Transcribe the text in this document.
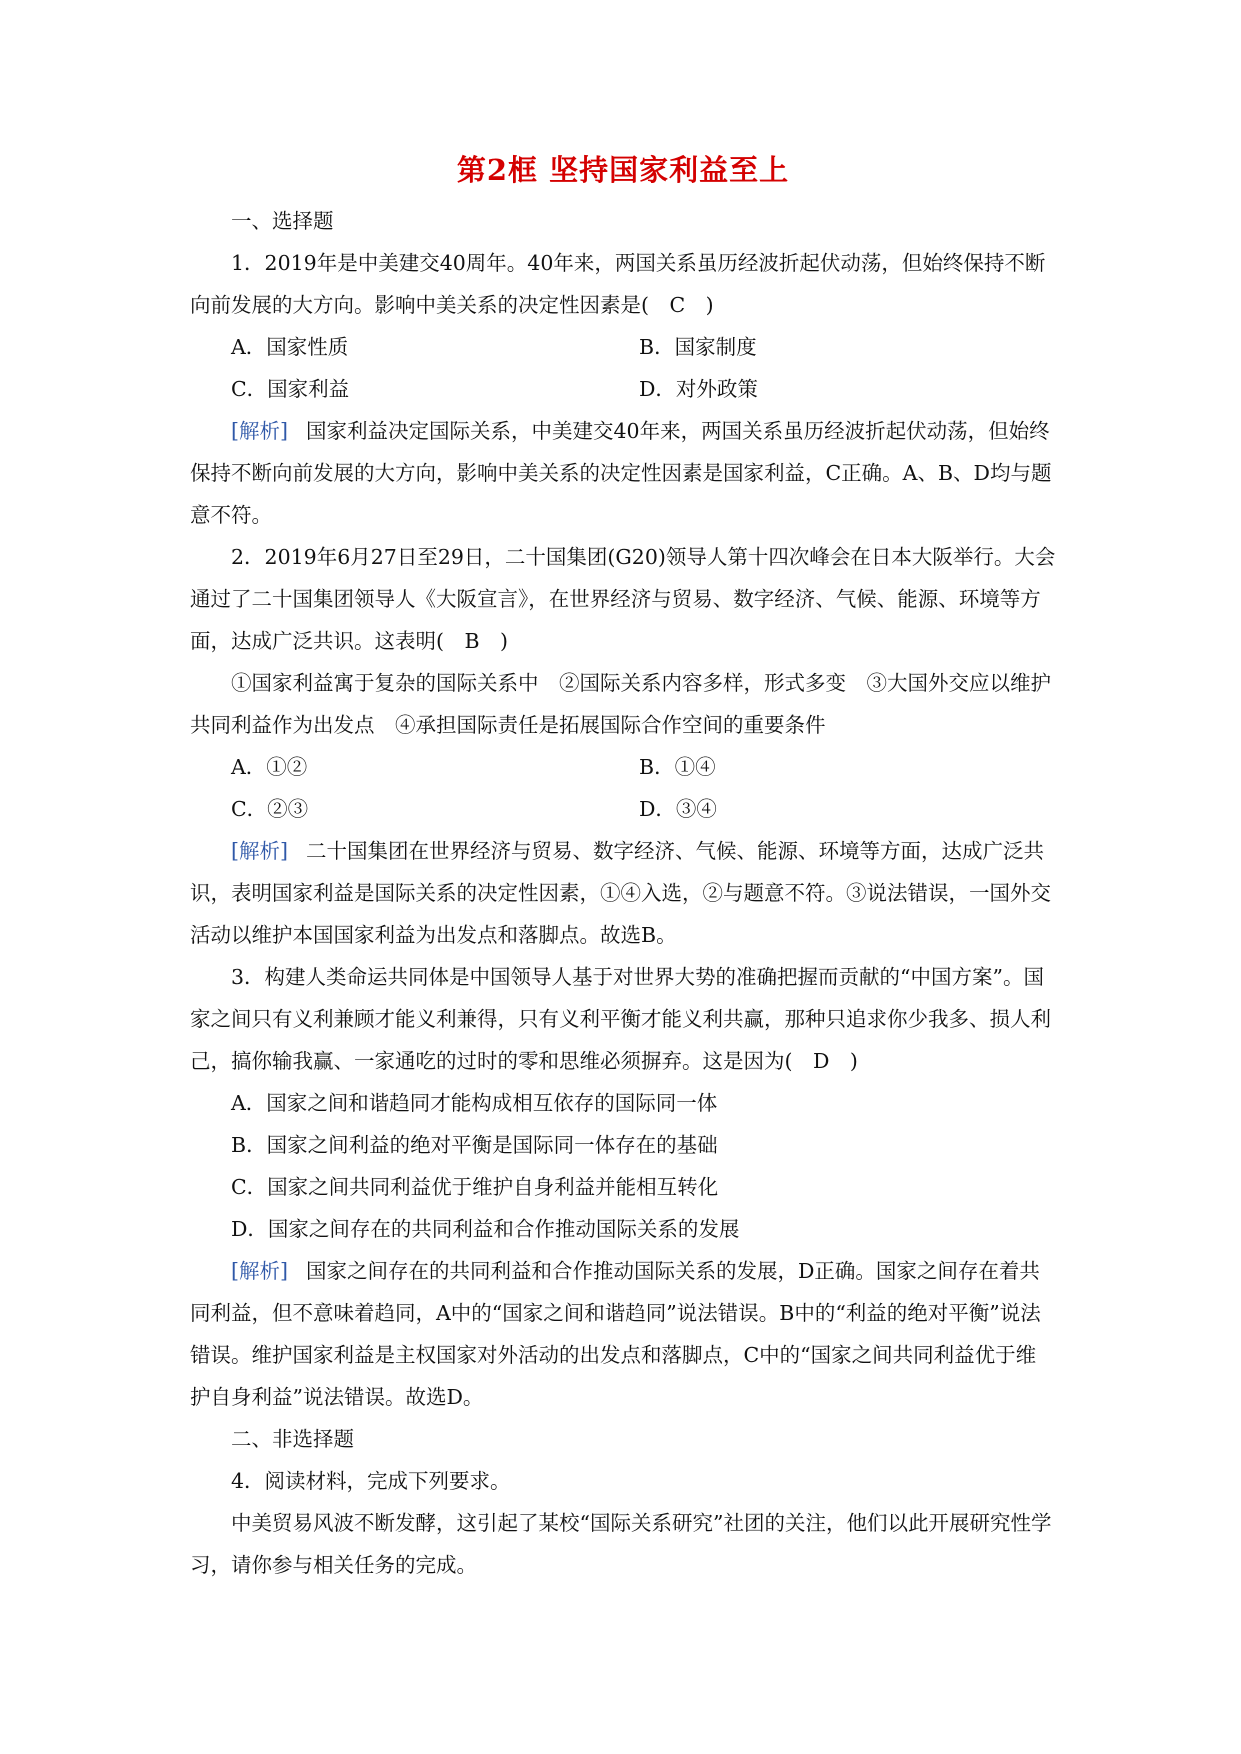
第2框 坚持国家利益至上

一、选择题

1．2019年是中美建交40周年。40年来，两国关系虽历经波折起伏动荡，但始终保持不断向前发展的大方向。影响中美关系的决定性因素是(　C　)

A．国家性质	B．国家制度
C．国家利益	D．对外政策

[解析] 国家利益决定国际关系，中美建交40年来，两国关系虽历经波折起伏动荡，但始终保持不断向前发展的大方向，影响中美关系的决定性因素是国家利益，C正确。A、B、D均与题意不符。

2．2019年6月27日至29日，二十国集团(G20)领导人第十四次峰会在日本大阪举行。大会通过了二十国集团领导人《大阪宣言》，在世界经济与贸易、数字经济、气候、能源、环境等方面，达成广泛共识。这表明(　B　)

①国家利益寓于复杂的国际关系中　②国际关系内容多样，形式多变　③大国外交应以维护共同利益作为出发点　④承担国际责任是拓展国际合作空间的重要条件

A．①②	B．①④
C．②③	D．③④

[解析] 二十国集团在世界经济与贸易、数字经济、气候、能源、环境等方面，达成广泛共识，表明国家利益是国际关系的决定性因素，①④入选，②与题意不符。③说法错误，一国外交活动以维护本国国家利益为出发点和落脚点。故选B。

3．构建人类命运共同体是中国领导人基于对世界大势的准确把握而贡献的“中国方案”。国家之间只有义利兼顾才能义利兼得，只有义利平衡才能义利共赢，那种只追求你少我多、损人利己，搞你输我赢、一家通吃的过时的零和思维必须摒弃。这是因为(　D　)

A．国家之间和谐趋同才能构成相互依存的国际同一体
B．国家之间利益的绝对平衡是国际同一体存在的基础
C．国家之间共同利益优于维护自身利益并能相互转化
D．国家之间存在的共同利益和合作推动国际关系的发展

[解析] 国家之间存在的共同利益和合作推动国际关系的发展，D正确。国家之间存在着共同利益，但不意味着趋同，A中的“国家之间和谐趋同”说法错误。B中的“利益的绝对平衡”说法错误。维护国家利益是主权国家对外活动的出发点和落脚点，C中的“国家之间共同利益优于维护自身利益”说法错误。故选D。

二、非选择题

4．阅读材料，完成下列要求。

中美贸易风波不断发酵，这引起了某校“国际关系研究”社团的关注，他们以此开展研究性学习，请你参与相关任务的完成。
